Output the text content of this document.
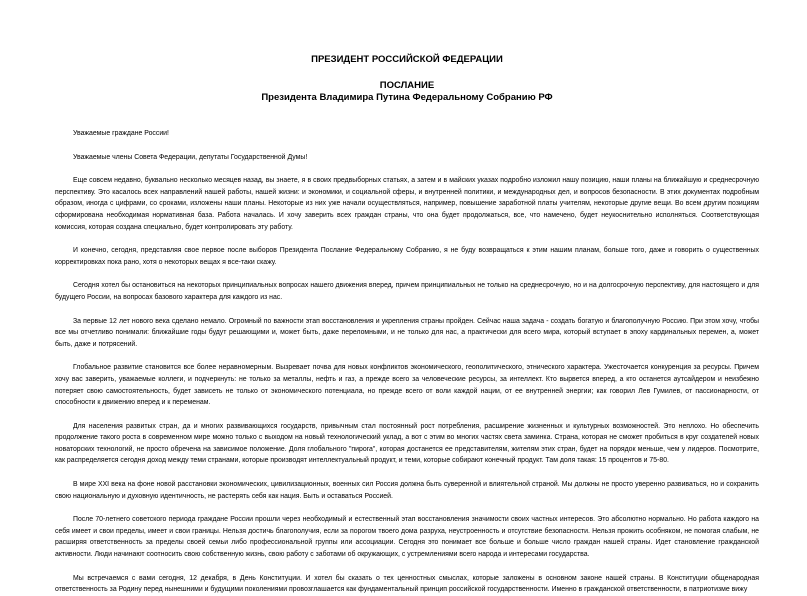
ПРЕЗИДЕНТ РОССИЙСКОЙ ФЕДЕРАЦИИ

ПОСЛАНИЕ

Президента Владимира Путина Федеральному Собранию РФ

Уважаемые граждане России!

Уважаемые члены Совета Федерации, депутаты Государственной Думы!

Еще совсем недавно, буквально несколько месяцев назад, вы знаете, я в своих предвыборных статьях, а затем и в майских указах подробно изложил нашу позицию, наши планы на ближайшую и среднесрочную перспективу. Это касалось всех направлений нашей работы, нашей жизни: и экономики, и социальной сферы, и внутренней политики, и международных дел, и вопросов безопасности. В этих документах подробным образом, иногда с цифрами, со сроками, изложены наши планы. Некоторые из них уже начали осуществляться, например, повышение заработной платы учителям, некоторые другие вещи. Во всем другим позициям сформирована необходимая нормативная база. Работа началась. И хочу заверить всех граждан страны, что она будет продолжаться, все, что намечено, будет неукоснительно исполняться. Соответствующая комиссия, которая создана специально, будет контролировать эту работу.

И конечно, сегодня, представляя свое первое после выборов Президента Послание Федеральному Собранию, я не буду возвращаться к этим нашим планам, больше того, даже и говорить о существенных корректировках пока рано, хотя о некоторых вещах я все-таки скажу.

Сегодня хотел бы остановиться на некоторых принципиальных вопросах нашего движения вперед, причем принципиальных не только на среднесрочную, но и на долгосрочную перспективу, для настоящего и для будущего России, на вопросах базового характера для каждого из нас.

За первые 12 лет нового века сделано немало. Огромный по важности этап восстановления и укрепления страны пройден. Сейчас наша задача - создать богатую и благополучную Россию. При этом хочу, чтобы все мы отчетливо понимали: ближайшие годы будут решающими и, может быть, даже переломными, и не только для нас, а практически для всего мира, который вступает в эпоху кардинальных перемен, а, может быть, даже и потрясений.

Глобальное развитие становится все более неравномерным. Вызревает почва для новых конфликтов экономического, геополитического, этнического характера. Ужесточается конкуренция за ресурсы. Причем хочу вас заверить, уважаемые коллеги, и подчеркнуть: не только за металлы, нефть и газ, а прежде всего за человеческие ресурсы, за интеллект. Кто вырвется вперед, а кто останется аутсайдером и неизбежно потеряет свою самостоятельность, будет зависеть не только от экономического потенциала, но прежде всего от воли каждой нации, от ее внутренней энергии; как говорил Лев Гумилев, от пассионарности, от способности к движению вперед и к переменам.

Для населения развитых стран, да и многих развивающихся государств, привычным стал постоянный рост потребления, расширение жизненных и культурных возможностей. Это неплохо. Но обеспечить продолжение такого роста в современном мире можно только с выходом на новый технологический уклад, а вот с этим во многих частях света заминка. Страна, которая не сможет пробиться в круг создателей новых новаторских технологий, не просто обречена на зависимое положение. Доля глобального "пирога", которая достанется ее представителям, жителям этих стран, будет на порядок меньше, чем у лидеров. Посмотрите, как распределяется сегодня доход между теми странами, которые производят интеллектуальный продукт, и теми, которые собирают конечный продукт. Там доля такая: 15 процентов и 75-80.

В мире XXI века на фоне новой расстановки экономических, цивилизационных, военных сил Россия должна быть суверенной и влиятельной страной. Мы должны не просто уверенно развиваться, но и сохранить свою национальную и духовную идентичность, не растерять себя как нация. Быть и оставаться Россией.

После 70-летнего советского периода граждане России прошли через необходимый и естественный этап восстановления значимости своих частных интересов. Это абсолютно нормально. Но работа каждого на себя имеет и свои пределы, имеет и свои границы. Нельзя достичь благополучия, если за порогом твоего дома разруха, неустроенность и отсутствие безопасности. Нельзя прожить особняком, не помогая слабым, не расширяя ответственность за пределы своей семьи либо профессиональной группы или ассоциации. Сегодня это понимает все больше и больше число граждан нашей страны. Идет становление гражданской активности. Люди начинают соотносить свою собственную жизнь, свою работу с заботами об окружающих, с устремлениями всего народа и интересами государства.

Мы встречаемся с вами сегодня, 12 декабря, в День Конституции. И хотел бы сказать о тех ценностных смыслах, которые заложены в основном законе нашей страны. В Конституции общенародная ответственность за Родину перед нынешними и будущими поколениями провозглашается как фундаментальный принцип российской государственности. Именно в гражданской ответственности, в патриотизме вижу
